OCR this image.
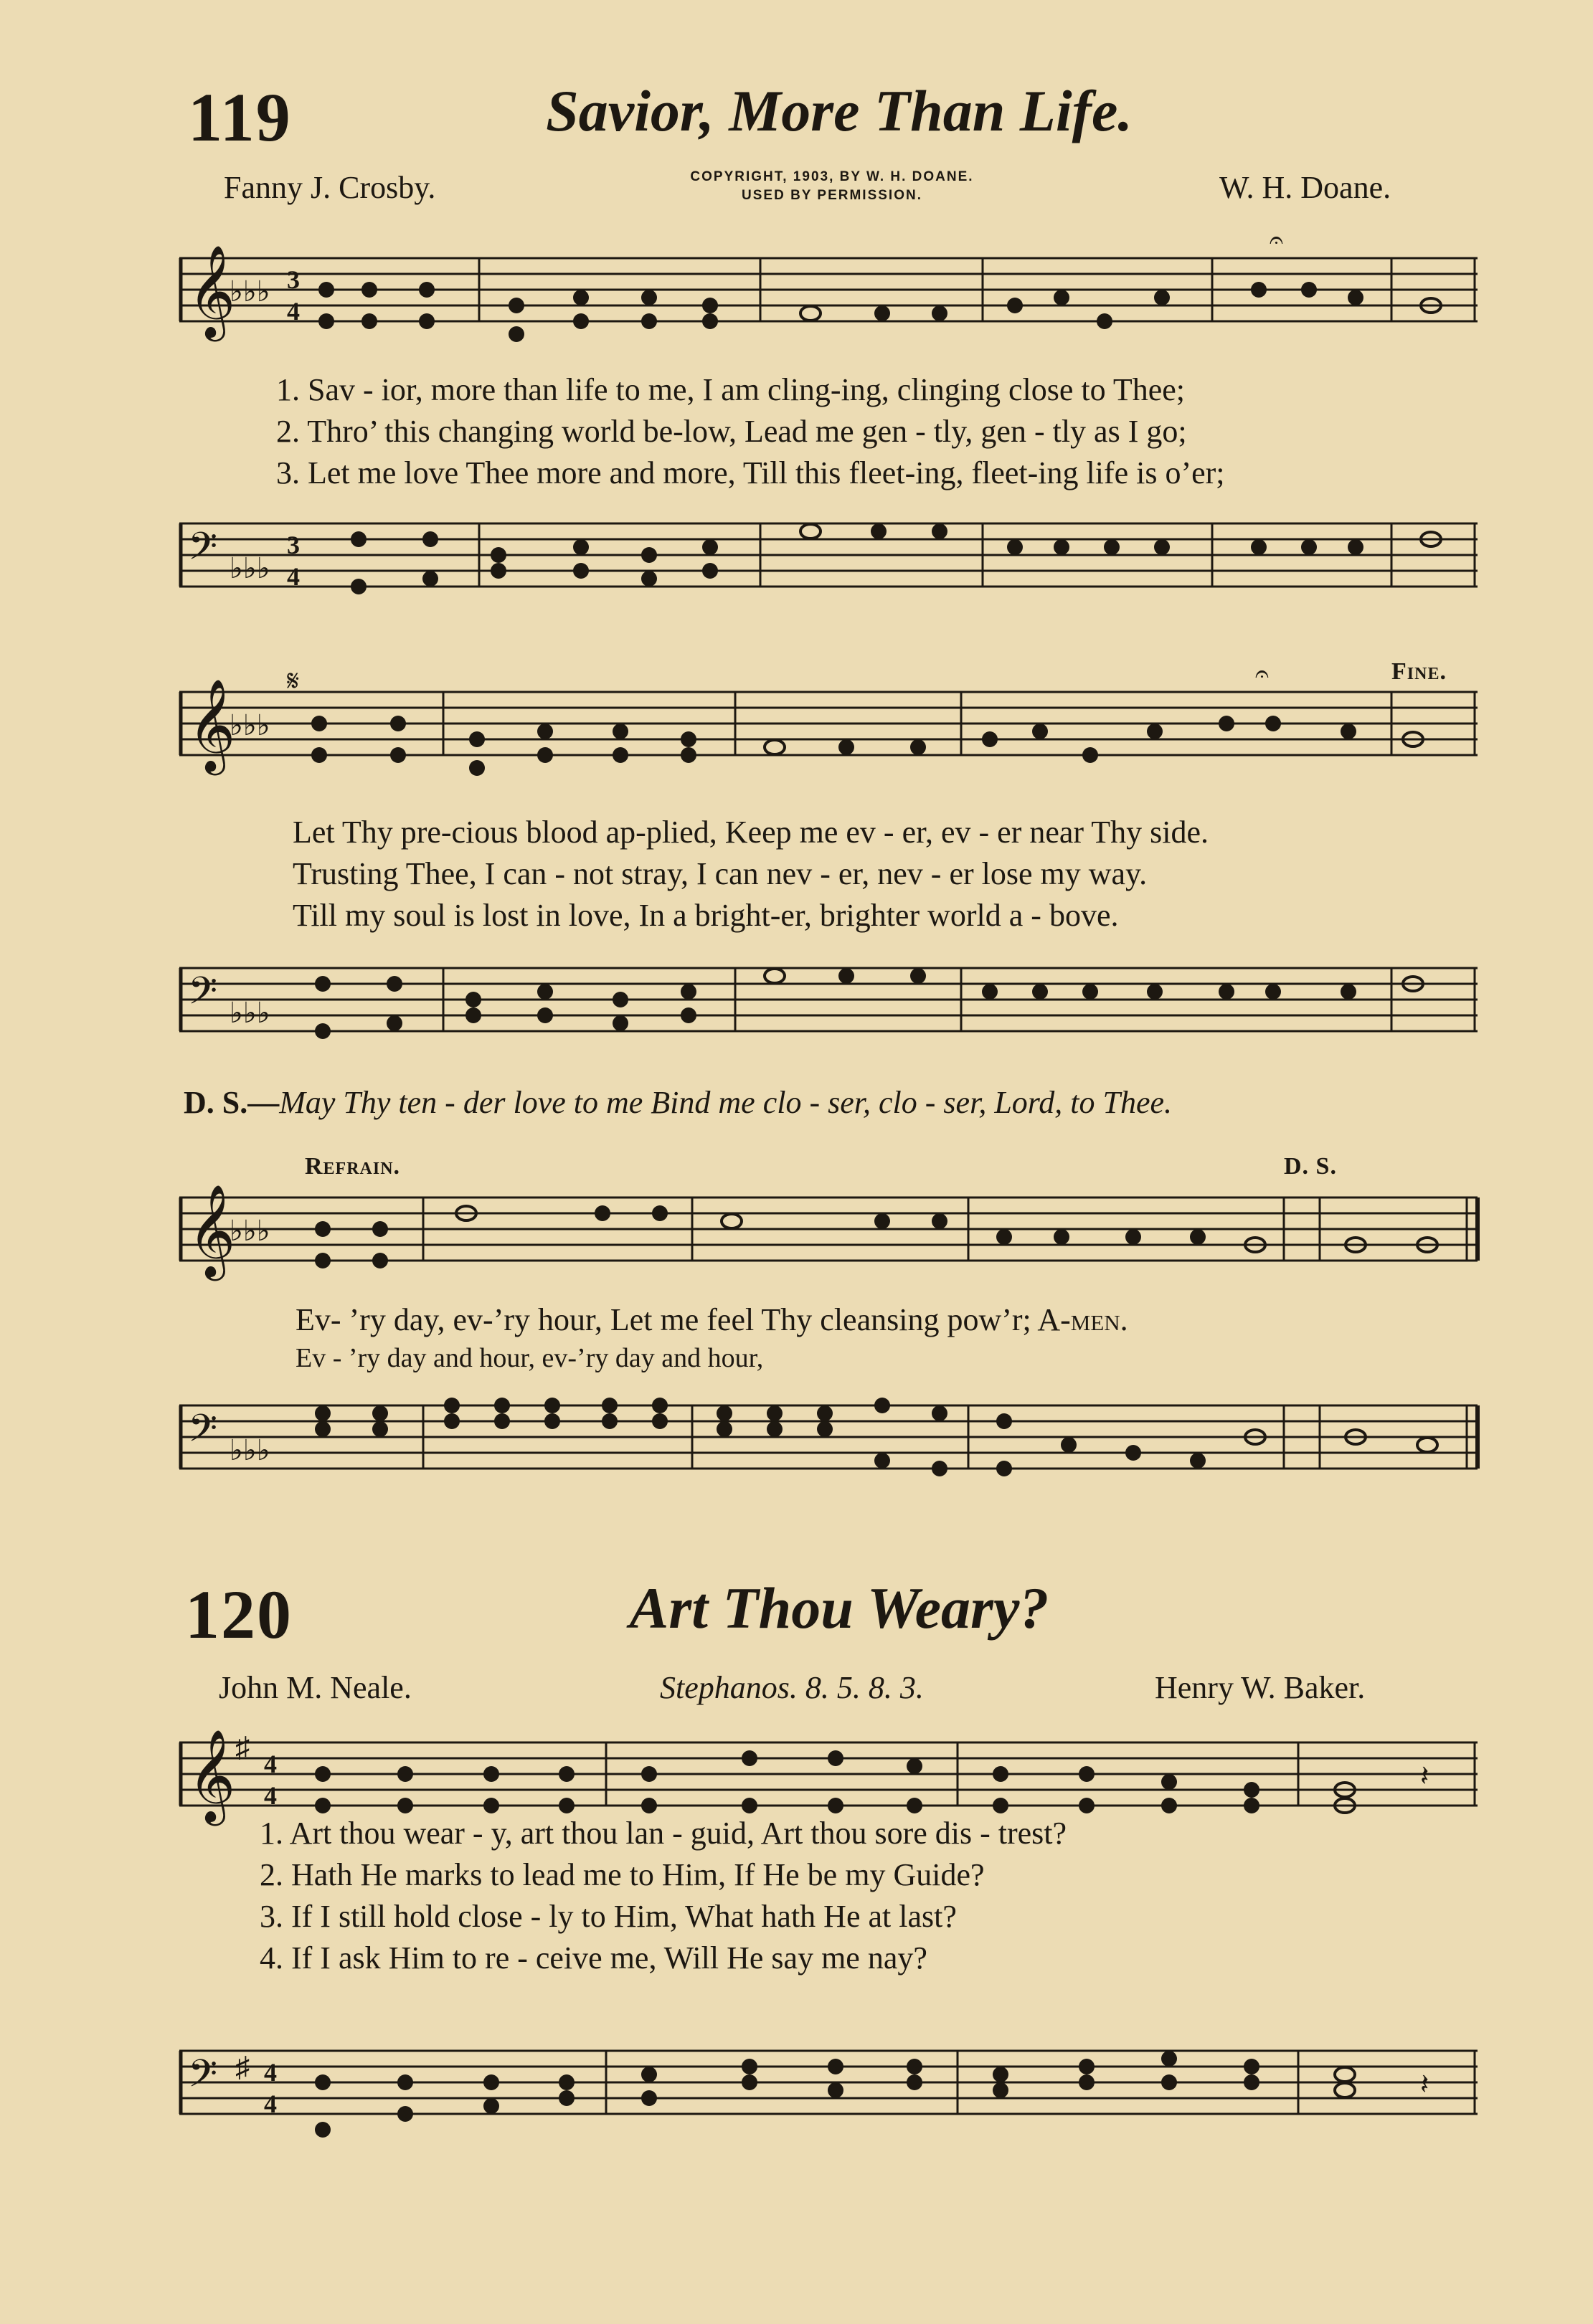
119	Savior, More Than Life.
Fanny J. Crosby.	COPYRIGHT, 1903, BY W. H. DOANE.
USED BY PERMISSION.	W. H. Doane.
𝄞
♭♭♭ 3
4
𝄐
1. Sav - ior, more than life to me, I am cling-ing, clinging close to Thee;
2. Thro’ this changing world be-low, Lead me gen - tly, gen - tly as I go;
3. Let me love Thee more and more, Till this fleet-ing, fleet-ing life is o’er;
𝄢 ♭♭♭
3
4
𝄞
♭♭♭
𝄋	𝄐	Fine.
Let Thy pre-cious blood ap-plied, Keep me ev - er, ev - er near Thy side.
Trusting Thee, I can - not stray, I can nev - er, nev - er lose my way.
Till my soul is lost in love, In a bright-er, brighter world a - bove.
𝄢 ♭♭♭
D. S.—May Thy ten - der love to me Bind me clo - ser, clo - ser, Lord, to Thee.
Refrain.	D. S.
𝄞
♭♭♭
Ev- ’ry day, ev-’ry hour, Let me feel Thy cleansing pow’r; A-men.
Ev - ’ry day and hour, ev-’ry day and hour,
𝄢 ♭♭♭
120	Art Thou Weary?
John M. Neale.	Stephanos. 8. 5. 8. 3.	Henry W. Baker.
𝄞 ♯
4
4
𝄽
1. Art thou wear - y, art thou lan - guid, Art thou sore dis - trest?
2. Hath He marks to lead me to Him, If He be my Guide?
3. If I still hold close - ly to Him, What hath He at last?
4. If I ask Him to re - ceive me, Will He say me nay?
𝄢 ♯ 4
4
𝄽
